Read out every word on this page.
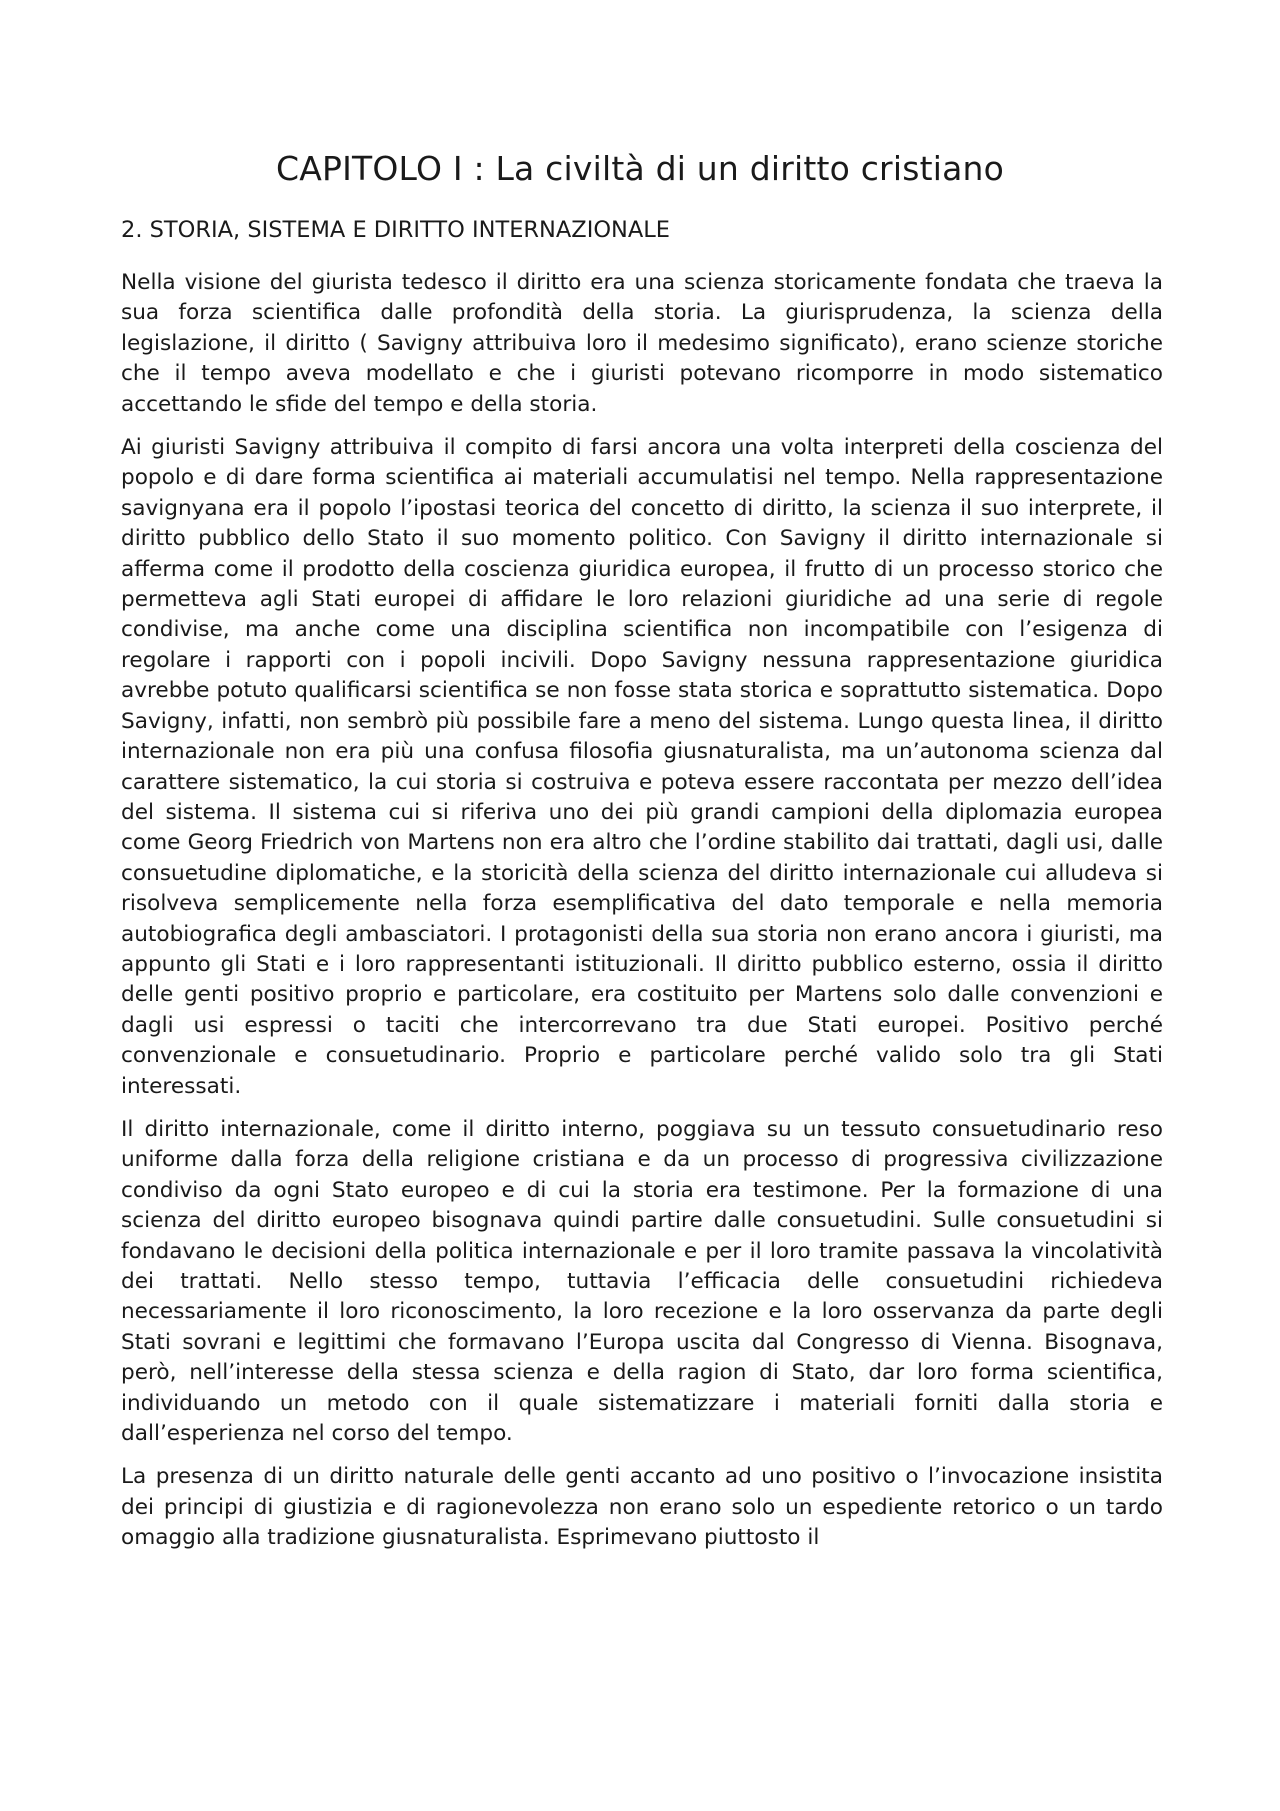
CAPITOLO I : La civiltà di un diritto cristiano
2. STORIA, SISTEMA E DIRITTO INTERNAZIONALE

Nella visione del giurista tedesco il diritto era una scienza storicamente fondata che traeva la sua forza scientifica dalle profondità della storia. La giurisprudenza, la scienza della legislazione, il diritto ( Savigny attribuiva loro il medesimo significato), erano scienze storiche che il tempo aveva modellato e che i giuristi potevano ricomporre in modo sistematico accettando le sfide del tempo e della storia.

Ai giuristi Savigny attribuiva il compito di farsi ancora una volta interpreti della coscienza del popolo e di dare forma scientifica ai materiali accumulatisi nel tempo. Nella rappresentazione savignyana era il popolo l’ipostasi teorica del concetto di diritto, la scienza il suo interprete, il diritto pubblico dello Stato il suo momento politico. Con Savigny il diritto internazionale si afferma come il prodotto della coscienza giuridica europea, il frutto di un processo storico che permetteva agli Stati europei di affidare le loro relazioni giuridiche ad una serie di regole condivise, ma anche come una disciplina scientifica non incompatibile con l’esigenza di regolare i rapporti con i popoli incivili. Dopo Savigny nessuna rappresentazione giuridica avrebbe potuto qualificarsi scientifica se non fosse stata storica e soprattutto sistematica. Dopo Savigny, infatti, non sembrò più possibile fare a meno del sistema. Lungo questa linea, il diritto internazionale non era più una confusa filosofia giusnaturalista, ma un’autonoma scienza dal carattere sistematico, la cui storia si costruiva e poteva essere raccontata per mezzo dell’idea del sistema. Il sistema cui si riferiva uno dei più grandi campioni della diplomazia europea come Georg Friedrich von Martens non era altro che l’ordine stabilito dai trattati, dagli usi, dalle consuetudine diplomatiche, e la storicità della scienza del diritto internazionale cui alludeva si risolveva semplicemente nella forza esemplificativa del dato temporale e nella memoria autobiografica degli ambasciatori. I protagonisti della sua storia non erano ancora i giuristi, ma appunto gli Stati e i loro rappresentanti istituzionali. Il diritto pubblico esterno, ossia il diritto delle genti positivo proprio e particolare, era costituito per Martens solo dalle convenzioni e dagli usi espressi o taciti che intercorrevano tra due Stati europei. Positivo perché convenzionale e consuetudinario. Proprio e particolare perché valido solo tra gli Stati interessati.

Il diritto internazionale, come il diritto interno, poggiava su un tessuto consuetudinario reso uniforme dalla forza della religione cristiana e da un processo di progressiva civilizzazione condiviso da ogni Stato europeo e di cui la storia era testimone. Per la formazione di una scienza del diritto europeo bisognava quindi partire dalle consuetudini. Sulle consuetudini si fondavano le decisioni della politica internazionale e per il loro tramite passava la vincolatività dei trattati. Nello stesso tempo, tuttavia l’efficacia delle consuetudini richiedeva necessariamente il loro riconoscimento, la loro recezione e la loro osservanza da parte degli Stati sovrani e legittimi che formavano l’Europa uscita dal Congresso di Vienna. Bisognava, però, nell’interesse della stessa scienza e della ragion di Stato, dar loro forma scientifica, individuando un metodo con il quale sistematizzare i materiali forniti dalla storia e dall’esperienza nel corso del tempo.

La presenza di un diritto naturale delle genti accanto ad uno positivo o l’invocazione insistita dei principi di giustizia e di ragionevolezza non erano solo un espediente retorico o un tardo omaggio alla tradizione giusnaturalista. Esprimevano piuttosto il
